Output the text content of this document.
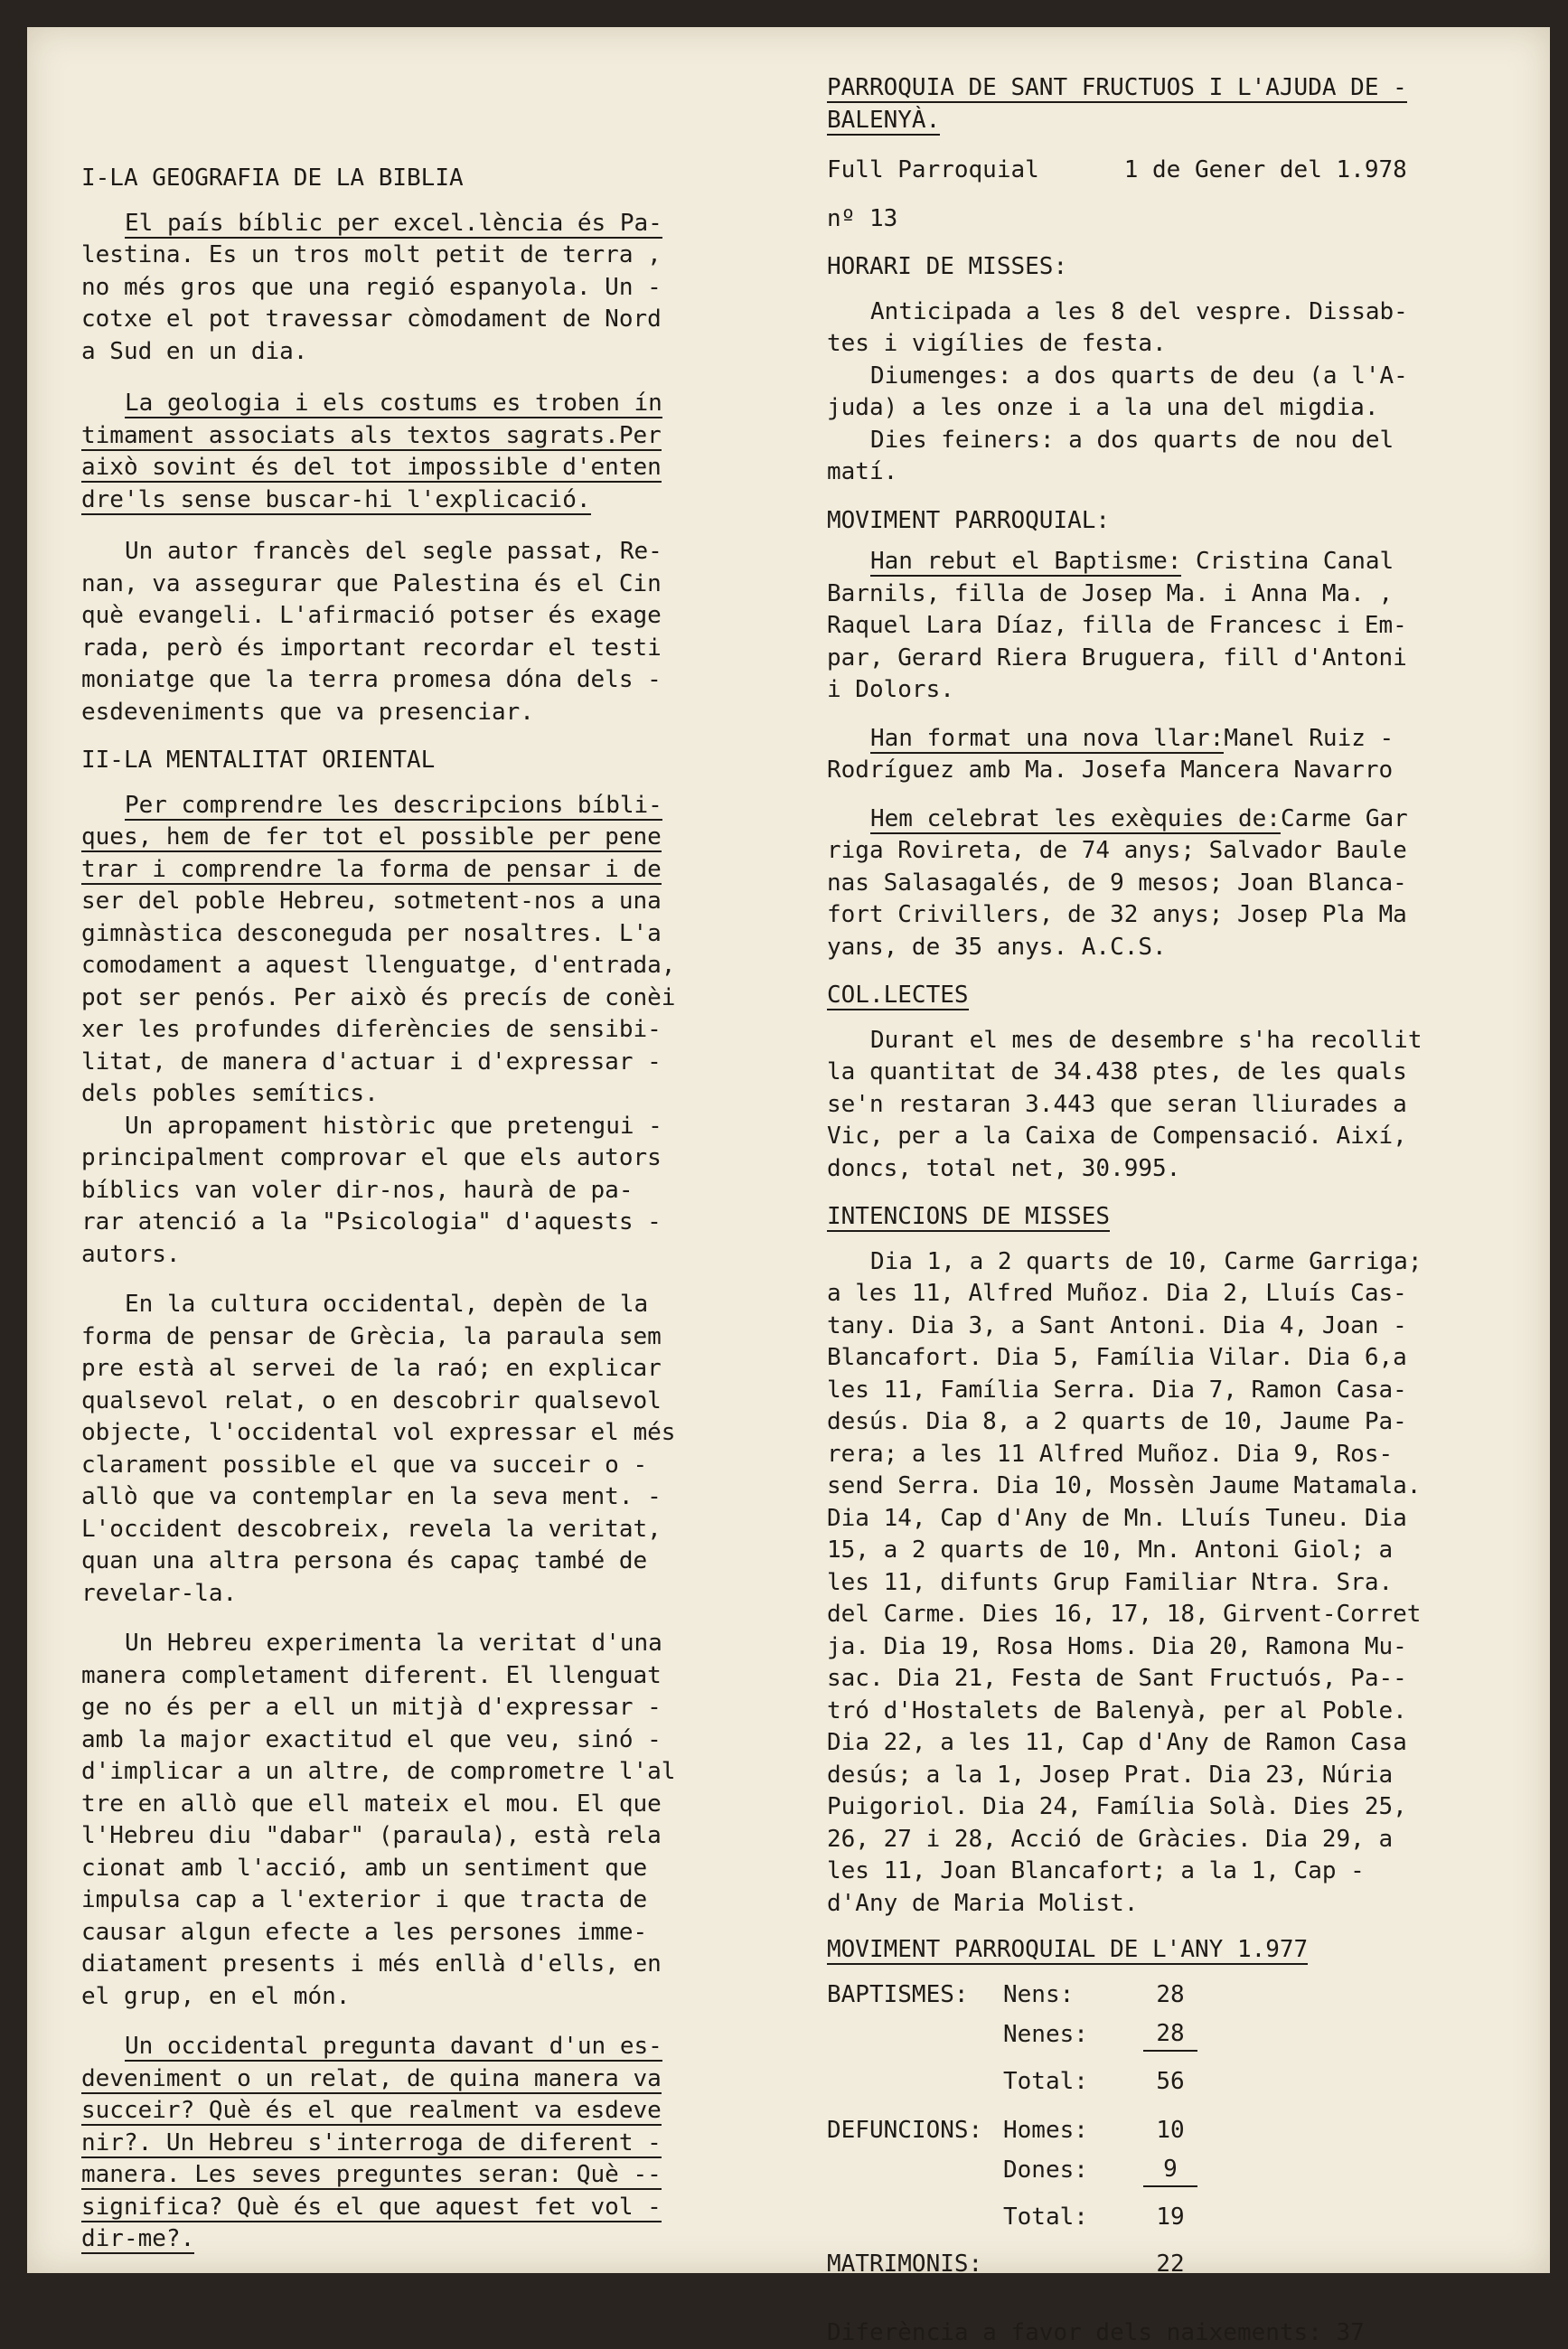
I-LA GEOGRAFIA DE LA BIBLIA

El país bíblic per excel.lència és Pa-
lestina. Es un tros molt petit de terra ,
no més gros que una regió espanyola. Un -
cotxe el pot travessar còmodament de Nord
a Sud en un dia.
La geologia i els costums es troben ín
timament associats als textos sagrats.Per
això sovint és del tot impossible d'enten
dre'ls sense buscar-hi l'explicació.
Un autor francès del segle passat, Re-
nan, va assegurar que Palestina és el Cin
què evangeli. L'afirmació potser és exage
rada, però és important recordar el testi
moniatge que la terra promesa dóna dels -
esdeveniments que va presenciar.

II-LA MENTALITAT ORIENTAL

Per comprendre les descripcions bíbli-
ques, hem de fer tot el possible per pene
trar i comprendre la forma de pensar i de
ser del poble Hebreu, sotmetent-nos a una
gimnàstica desconeguda per nosaltres. L'a
comodament a aquest llenguatge, d'entrada,
pot ser penós. Per això és precís de conèi
xer les profundes diferències de sensibi-
litat, de manera d'actuar i d'expressar -
dels pobles semítics.
Un apropament històric que pretengui -
principalment comprovar el que els autors
bíblics van voler dir-nos, haurà de pa-
rar atenció a la "Psicologia" d'aquests -
autors.
En la cultura occidental, depèn de la
forma de pensar de Grècia, la paraula sem
pre està al servei de la raó; en explicar
qualsevol relat, o en descobrir qualsevol
objecte, l'occidental vol expressar el més
clarament possible el que va succeir o -
allò que va contemplar en la seva ment. -
L'occident descobreix, revela la veritat,
quan una altra persona és capaç també de
revelar-la.
Un Hebreu experimenta la veritat d'una
manera completament diferent. El llenguat
ge no és per a ell un mitjà d'expressar -
amb la major exactitud el que veu, sinó -
d'implicar a un altre, de comprometre l'al
tre en allò que ell mateix el mou. El que
l'Hebreu diu "dabar" (paraula), està rela
cionat amb l'acció, amb un sentiment que
impulsa cap a l'exterior i que tracta de
causar algun efecte a les persones imme-
diatament presents i més enllà d'ells, en
el grup, en el món.
Un occidental pregunta davant d'un es-
deveniment o un relat, de quina manera va
succeir? Què és el que realment va esdeve
nir?. Un Hebreu s'interroga de diferent -
manera. Les seves preguntes seran: Què --
significa? Què és el que aquest fet vol -
dir-me?.
PARROQUIA DE SANT FRUCTUOS I L'AJUDA DE -
BALENYÀ.
Full Parroquial      1 de Gener del 1.978
nº 13
HORARI DE MISSES:
Anticipada a les 8 del vespre. Dissab-
tes i vigílies de festa.
Diumenges: a dos quarts de deu (a l'A-
juda) a les onze i a la una del migdia.
Dies feiners: a dos quarts de nou del
matí.
MOVIMENT PARROQUIAL:
Han rebut el Baptisme: Cristina Canal
Barnils, filla de Josep Ma. i Anna Ma. ,
Raquel Lara Díaz, filla de Francesc i Em-
par, Gerard Riera Bruguera, fill d'Antoni
i Dolors.
Han format una nova llar:Manel Ruiz -
Rodríguez amb Ma. Josefa Mancera Navarro
Hem celebrat les exèquies de:Carme Gar
riga Rovireta, de 74 anys; Salvador Baule
nas Salasagalés, de 9 mesos; Joan Blanca-
fort Crivillers, de 32 anys; Josep Pla Ma
yans, de 35 anys. A.C.S.
COL.LECTES
Durant el mes de desembre s'ha recollit
la quantitat de 34.438 ptes, de les quals
se'n restaran 3.443 que seran lliurades a
Vic, per a la Caixa de Compensació. Així,
doncs, total net, 30.995.
INTENCIONS DE MISSES
Dia 1, a 2 quarts de 10, Carme Garriga;
a les 11, Alfred Muñoz. Dia 2, Lluís Cas-
tany. Dia 3, a Sant Antoni. Dia 4, Joan -
Blancafort. Dia 5, Família Vilar. Dia 6,a
les 11, Família Serra. Dia 7, Ramon Casa-
desús. Dia 8, a 2 quarts de 10, Jaume Pa-
rera; a les 11 Alfred Muñoz. Dia 9, Ros-
send Serra. Dia 10, Mossèn Jaume Matamala.
Dia 14, Cap d'Any de Mn. Lluís Tuneu. Dia
15, a 2 quarts de 10, Mn. Antoni Giol; a
les 11, difunts Grup Familiar Ntra. Sra.
del Carme. Dies 16, 17, 18, Girvent-Corret
ja. Dia 19, Rosa Homs. Dia 20, Ramona Mu-
sac. Dia 21, Festa de Sant Fructuós, Pa--
tró d'Hostalets de Balenyà, per al Poble.
Dia 22, a les 11, Cap d'Any de Ramon Casa
desús; a la 1, Josep Prat. Dia 23, Núria
Puigoriol. Dia 24, Família Solà. Dies 25,
26, 27 i 28, Acció de Gràcies. Dia 29, a
les 11, Joan Blancafort; a la 1, Cap -
d'Any de Maria Molist.
MOVIMENT PARROQUIAL DE L'ANY 1.977
BAPTISMES:	Nens:	28
Nenes:	28
Total:	56
DEFUNCIONS: Homes:	10
Dones:	9
Total:	19
MATRIMONIS:	22
Diferència a favor dels naixements: 37
